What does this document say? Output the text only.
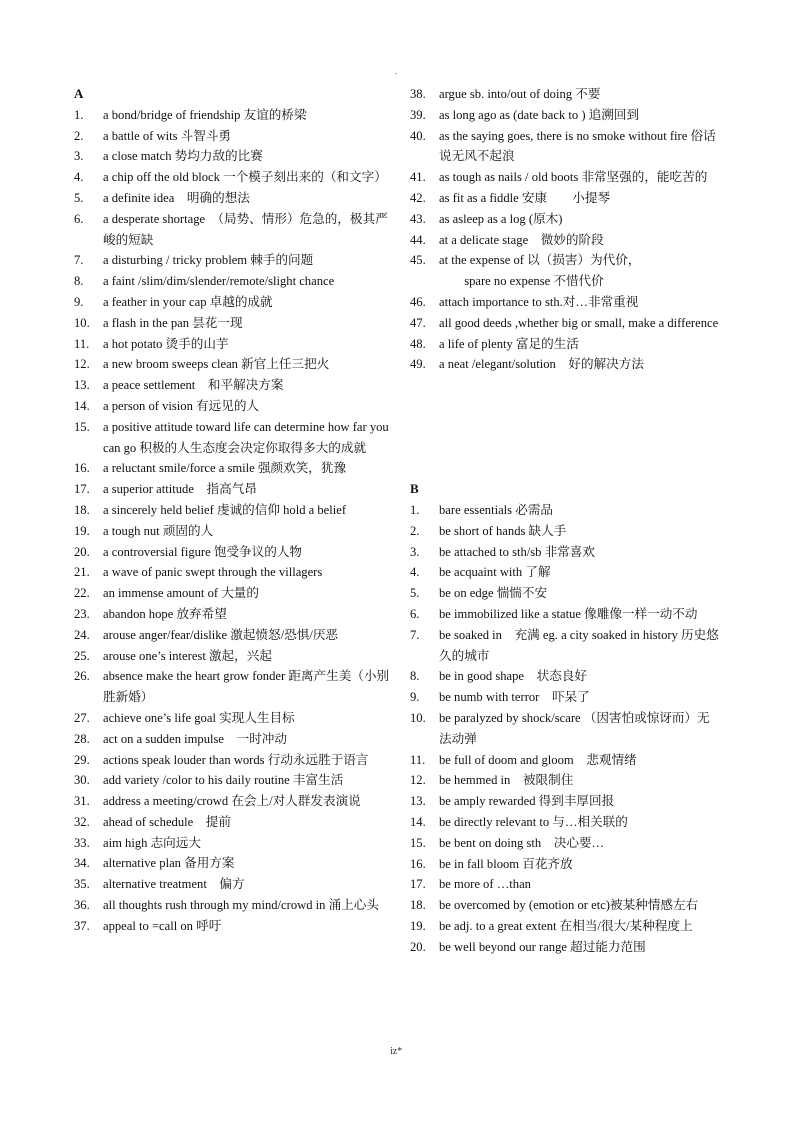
.
A
1.	a bond/bridge of friendship 友谊的桥梁
2.	a battle of wits 斗智斗勇
3.	a close match 势均力敌的比赛
4.	a chip off the old block 一个模子刻出来的（和文字）
5.	a definite idea　明确的想法
6.	a desperate shortage　（局势、情形）危急的，极其严峻的短缺
7.	a disturbing / tricky problem 棘手的问题
8.	a faint /slim/dim/slender/remote/slight chance
9.	a feather in your cap 卓越的成就
10.	a flash in the pan 昙花一现
11.	a hot potato 烫手的山芋
12.	a new broom sweeps clean 新官上任三把火
13.	a peace settlement　和平解决方案
14.	a person of vision 有远见的人
15.	a positive attitude toward life can determine how far you can go 积极的人生态度会决定你取得多大的成就
16.	a reluctant smile/force a smile 强颜欢笑，犹豫
17.	a superior attitude　指高气昂
18.	a sincerely held belief 虔诚的信仰 hold a belief
19.	a tough nut 顽固的人
20.	a controversial figure 饱受争议的人物
21.	a wave of panic swept through the villagers
22.	an immense amount of 大量的
23.	abandon hope 放弃希望
24.	arouse anger/fear/dislike 激起愤怒/恐惧/厌恶
25.	arouse one’s interest 激起，兴起
26.	absence make the heart grow fonder 距离产生美（小别胜新婚）
27.	achieve one’s life goal 实现人生目标
28.	act on a sudden impulse　一时冲动
29.	actions speak louder than words 行动永远胜于语言
30.	add variety /color to his daily routine 丰富生活
31.	address a meeting/crowd 在会上/对人群发表演说
32.	ahead of schedule　提前
33.	aim high 志向远大
34.	alternative plan 备用方案
35.	alternative treatment　偏方
36.	all thoughts rush through my mind/crowd in 涌上心头
37.	appeal to =call on 呼吁
38.	argue sb. into/out of doing 不要
39.	as long ago as (date back to ) 追溯回到
40.	as the saying goes, there is no smoke without fire 俗话说无风不起浪
41.	as tough as nails / old boots 非常坚强的，能吃苦的
42.	as fit as a fiddle 安康　　小提琴
43.	as asleep as a log (原木)
44.	at a delicate stage　微妙的阶段
45.	at the expense of 以（损害）为代价，
　　spare no expense 不惜代价
46.	attach importance to sth.对…非常重视
47.	all good deeds ,whether big or small, make a difference
48.	a life of plenty 富足的生活
49.	a neat /elegant/solution　好的解决方法
B
1.	bare essentials 必需品
2.	be short of hands 缺人手
3.	be attached to sth/sb 非常喜欢
4.	be acquaint with 了解
5.	be on edge 惴惴不安
6.	be immobilized like a statue 像雕像一样一动不动
7.	be soaked in　充满 eg. a city soaked in history 历史悠久的城市
8.	be in good shape　状态良好
9.	be numb with terror　吓呆了
10.	be paralyzed by shock/scare （因害怕或惊讶而）无法动弹
11.	be full of doom and gloom　悲观情绪
12.	be hemmed in　被限制住
13.	be amply rewarded 得到丰厚回报
14.	be directly relevant to 与…相关联的
15.	be bent on doing sth　决心要…
16.	be in fall bloom 百花齐放
17.	be more of …than
18.	be overcomed by (emotion or etc)被某种情感左右
19.	be adj. to a great extent 在相当/很大/某种程度上
20.	be well beyond our range 超过能力范围
iz*
